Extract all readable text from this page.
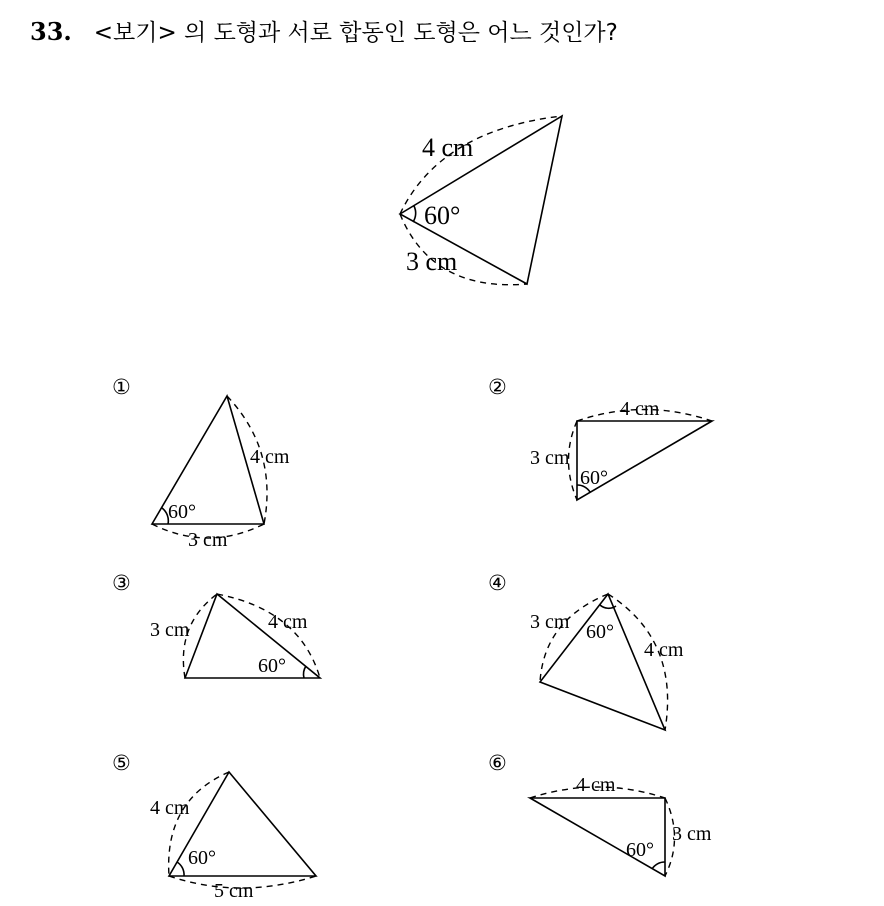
33. <보기> 의 도형과 서로 합동인 도형은 어느 것인가?
4 cm
60°
3 cm
①
4 cm
60°
3 cm
②
4 cm
3 cm
60°
③
3 cm	4 cm
60°
④
3 cm 60°
4 cm
⑤
4 cm
60°
5 cm
⑥
4 cm
3 cm
60°
